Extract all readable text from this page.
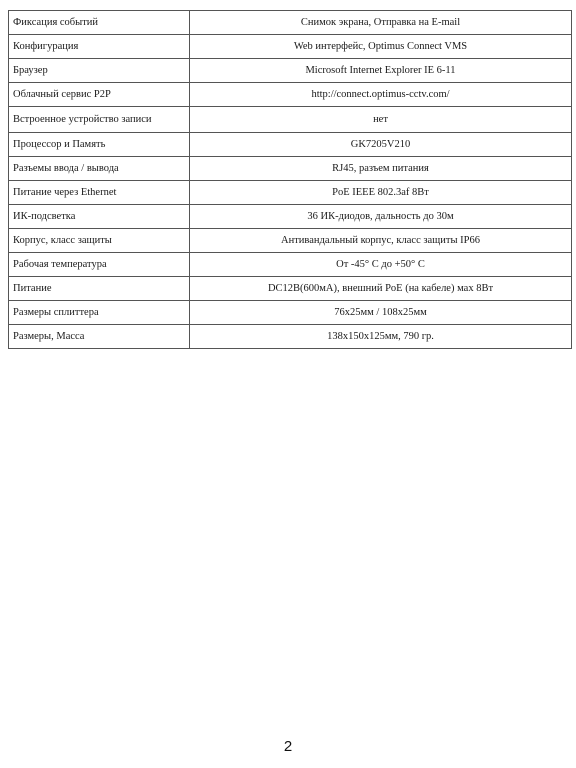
Фиксация событий	Снимок экрана, Отправка на E-mail
Конфигурация	Web интерфейс, Optimus Connect VMS
Браузер	Microsoft Internet Explorer IE 6-11
Облачный сервис P2P	http://connect.optimus-cctv.com/
Встроенное устройство записи	нет
Процессор и Память	GK7205V210
Разъемы ввода / вывода	RJ45, разъем питания
Питание через Ethernet	PoE IEEE 802.3af 8Вт
ИК-подсветка	36 ИК-диодов, дальность до 30м
Корпус, класс защиты	Антивандальный корпус, класс защиты IP66
Рабочая температура	От -45° С до +50° С
Питание	DC12В(600мА), внешний PoE (на кабеле) мах 8Вт
Размеры сплиттера	76х25мм / 108х25мм
Размеры, Масса	138х150х125мм, 790 гр.
2
